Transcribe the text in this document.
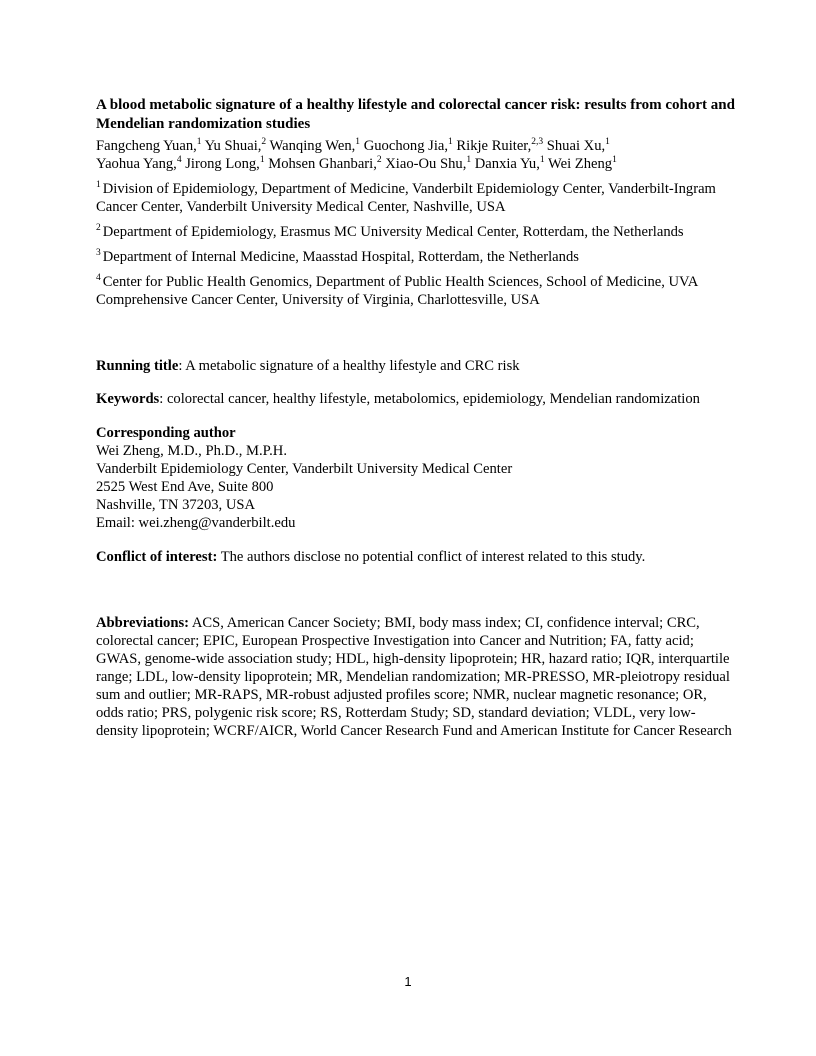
A blood metabolic signature of a healthy lifestyle and colorectal cancer risk: results from cohort and Mendelian randomization studies

Fangcheng Yuan,$^1$ Yu Shuai,$^2$ Wanqing Wen,$^1$ Guochong Jia,$^1$ Rikje Ruiter,$^{2,3}$ Shuai Xu,$^1$
Yaohua Yang,$^4$ Jirong Long,$^1$ Mohsen Ghanbari,$^2$ Xiao-Ou Shu,$^1$ Danxia Yu,$^1$ Wei Zheng$^1$

$^1$ Division of Epidemiology, Department of Medicine, Vanderbilt Epidemiology Center, Vanderbilt-Ingram Cancer Center, Vanderbilt University Medical Center, Nashville, USA

$^2$ Department of Epidemiology, Erasmus MC University Medical Center, Rotterdam, the Netherlands

$^3$ Department of Internal Medicine, Maasstad Hospital, Rotterdam, the Netherlands

$^4$ Center for Public Health Genomics, Department of Public Health Sciences, School of Medicine, UVA Comprehensive Cancer Center, University of Virginia, Charlottesville, USA

Running title: A metabolic signature of a healthy lifestyle and CRC risk

Keywords: colorectal cancer, healthy lifestyle, metabolomics, epidemiology, Mendelian randomization

Corresponding author
Wei Zheng, M.D., Ph.D., M.P.H.
Vanderbilt Epidemiology Center, Vanderbilt University Medical Center
2525 West End Ave, Suite 800
Nashville, TN 37203, USA
Email: wei.zheng@vanderbilt.edu

Conflict of interest: The authors disclose no potential conflict of interest related to this study.

Abbreviations: ACS, American Cancer Society; BMI, body mass index; CI, confidence interval; CRC, colorectal cancer; EPIC, European Prospective Investigation into Cancer and Nutrition; FA, fatty acid; GWAS, genome-wide association study; HDL, high-density lipoprotein; HR, hazard ratio; IQR, interquartile range; LDL, low-density lipoprotein; MR, Mendelian randomization; MR-PRESSO, MR-pleiotropy residual sum and outlier; MR-RAPS, MR-robust adjusted profiles score; NMR, nuclear magnetic resonance; OR, odds ratio; PRS, polygenic risk score; RS, Rotterdam Study; SD, standard deviation; VLDL, very low-density lipoprotein; WCRF/AICR, World Cancer Research Fund and American Institute for Cancer Research

1
